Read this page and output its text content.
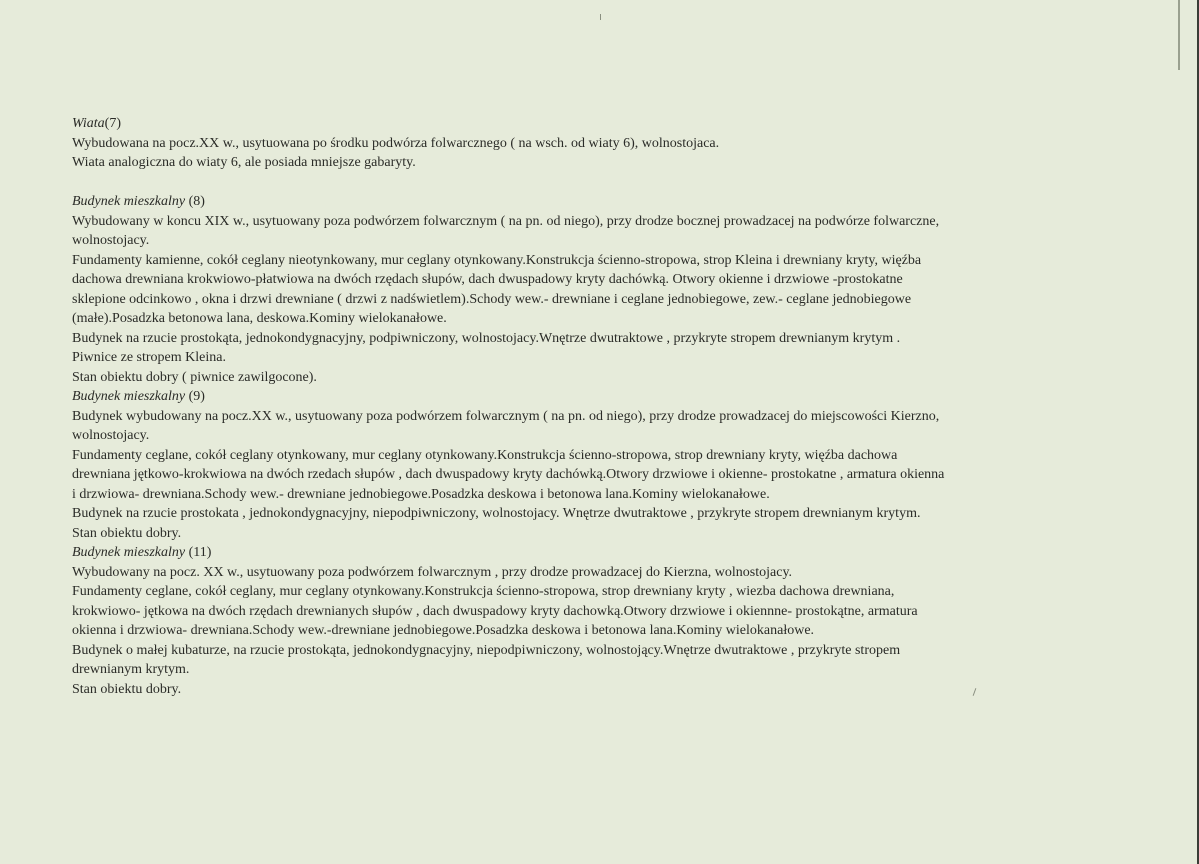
Wiata(7)
Wybudowana na pocz.XX w., usytuowana po środku podwórza folwarcznego ( na wsch. od wiaty 6), wolnostojaca.
Wiata analogiczna do wiaty 6, ale posiada mniejsze gabaryty.
Budynek mieszkalny (8)
Wybudowany w koncu XIX w., usytuowany poza podwórzem folwarcznym ( na pn. od niego), przy drodze bocznej prowadzacej na podwórze folwarczne,
wolnostojacy.
Fundamenty kamienne, cokół ceglany nieotynkowany, mur ceglany otynkowany.Konstrukcja ścienno-stropowa, strop Kleina i drewniany kryty, więźba
dachowa drewniana krokwiowo-płatwiowa na dwóch rzędach słupów, dach dwuspadowy kryty dachówką. Otwory okienne i drzwiowe -prostokatne
sklepione odcinkowo , okna i drzwi drewniane ( drzwi z nadświetlem).Schody wew.- drewniane i ceglane jednobiegowe, zew.- ceglane jednobiegowe
(małe).Posadzka betonowa lana, deskowa.Kominy wielokanałowe.
Budynek na rzucie prostokąta, jednokondygnacyjny, podpiwniczony, wolnostojacy.Wnętrze dwutraktowe , przykryte stropem drewnianym krytym .
Piwnice ze stropem Kleina.
Stan obiektu dobry ( piwnice zawilgocone).
Budynek mieszkalny (9)
Budynek wybudowany na pocz.XX w., usytuowany poza podwórzem folwarcznym ( na pn. od niego), przy drodze prowadzacej do miejscowości Kierzno,
wolnostojacy.
Fundamenty ceglane, cokół ceglany otynkowany, mur ceglany otynkowany.Konstrukcja ścienno-stropowa, strop drewniany kryty, więźba dachowa
drewniana jętkowo-krokwiowa na dwóch rzedach słupów , dach dwuspadowy kryty dachówką.Otwory drzwiowe i okienne- prostokatne , armatura okienna
i drzwiowa- drewniana.Schody wew.- drewniane jednobiegowe.Posadzka deskowa i betonowa lana.Kominy wielokanałowe.
Budynek na rzucie prostokata , jednokondygnacyjny, niepodpiwniczony, wolnostojacy. Wnętrze dwutraktowe , przykryte stropem drewnianym krytym.
Stan obiektu dobry.
Budynek mieszkalny (11)
Wybudowany na pocz. XX w., usytuowany poza podwórzem folwarcznym , przy drodze prowadzacej do Kierzna, wolnostojacy.
Fundamenty ceglane, cokół ceglany, mur ceglany otynkowany.Konstrukcja ścienno-stropowa, strop drewniany kryty , wiezba dachowa drewniana,
krokwiowo- jętkowa na dwóch rzędach drewnianych słupów , dach dwuspadowy kryty dachowką.Otwory drzwiowe i okiennne- prostokątne, armatura
okienna i drzwiowa- drewniana.Schody wew.-drewniane jednobiegowe.Posadzka deskowa i betonowa lana.Kominy wielokanałowe.
Budynek o małej kubaturze, na rzucie prostokąta, jednokondygnacyjny, niepodpiwniczony, wolnostojący.Wnętrze dwutraktowe , przykryte stropem
drewnianym krytym.
Stan obiektu dobry.
